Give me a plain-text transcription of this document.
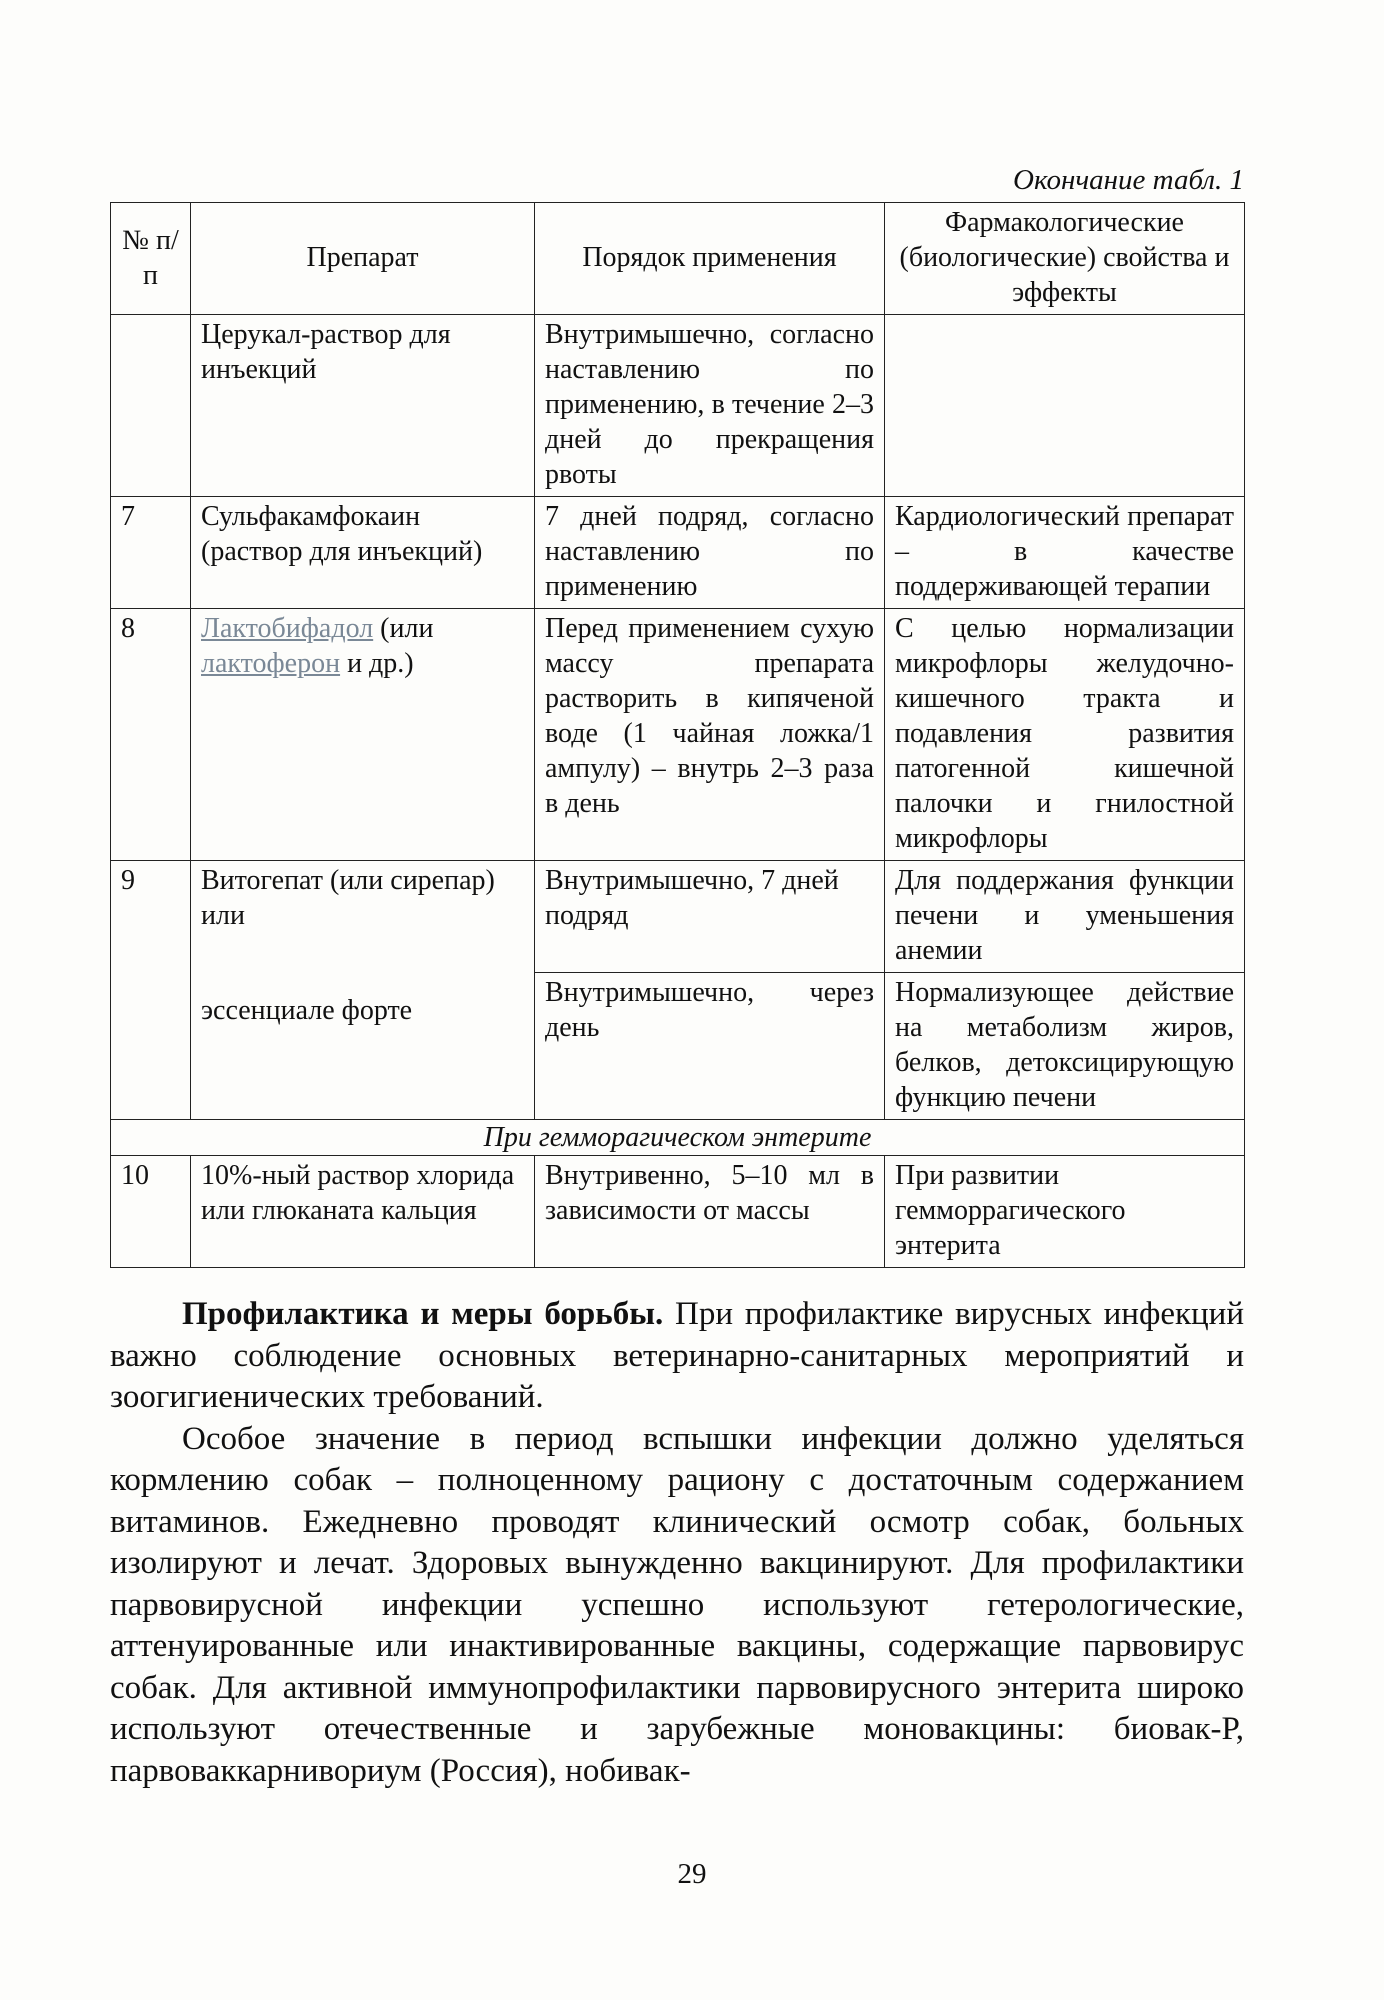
Окончание табл. 1
№ п/п	Препарат	Порядок применения	Фармакологические (биологические) свойства и эффекты
	Церукал-раствор для инъекций	Внутримышечно, согласно наставлению по применению, в течение 2–3 дней до прекращения рвоты	
7	Сульфакамфокаин (раствор для инъекций)	7 дней подряд, согласно наставлению по применению	Кардиологический препарат – в качестве поддерживающей терапии
8	Лактобифадол (или лактоферон и др.)	Перед применением сухую массу препарата растворить в кипяченой воде (1 чайная ложка/1 ампулу) – внутрь 2–3 раза в день	С целью нормализации микрофлоры желудочно-кишечного тракта и подавления развития патогенной кишечной палочки и гнилостной микрофлоры
9	Витогепат (или сирепар) или	Внутримышечно, 7 дней подряд	Для поддержания функции печени и уменьшения анемии

	эссенциале форте	Внутримышечно, через день	Нормализующее действие на метаболизм жиров, белков, детоксицирующую функцию печени
При гемморагическом энтерите			
10	10%-ный раствор хлорида или глюканата кальция	Внутривенно, 5–10 мл в зависимости от массы	При развитии гемморрагического энтерита

Профилактика и меры борьбы. При профилактике вирусных инфекций важно соблюдение основных ветеринарно-санитарных мероприятий и зоогигиенических требований.

Особое значение в период вспышки инфекции должно уделяться кормлению собак – полноценному рациону с достаточным содержанием витаминов. Ежедневно проводят клинический осмотр собак, больных изолируют и лечат. Здоровых вынужденно вакцинируют. Для профилактики парвовирусной инфекции успешно используют гетерологические, аттенуированные или инактивированные вакцины, содержащие парвовирус собак. Для активной иммунопрофилактики парвовирусного энтерита широко используют отечественные и зарубежные моновакцины: биовак-Р, парвоваккарнивориум (Россия), нобивак-

29
